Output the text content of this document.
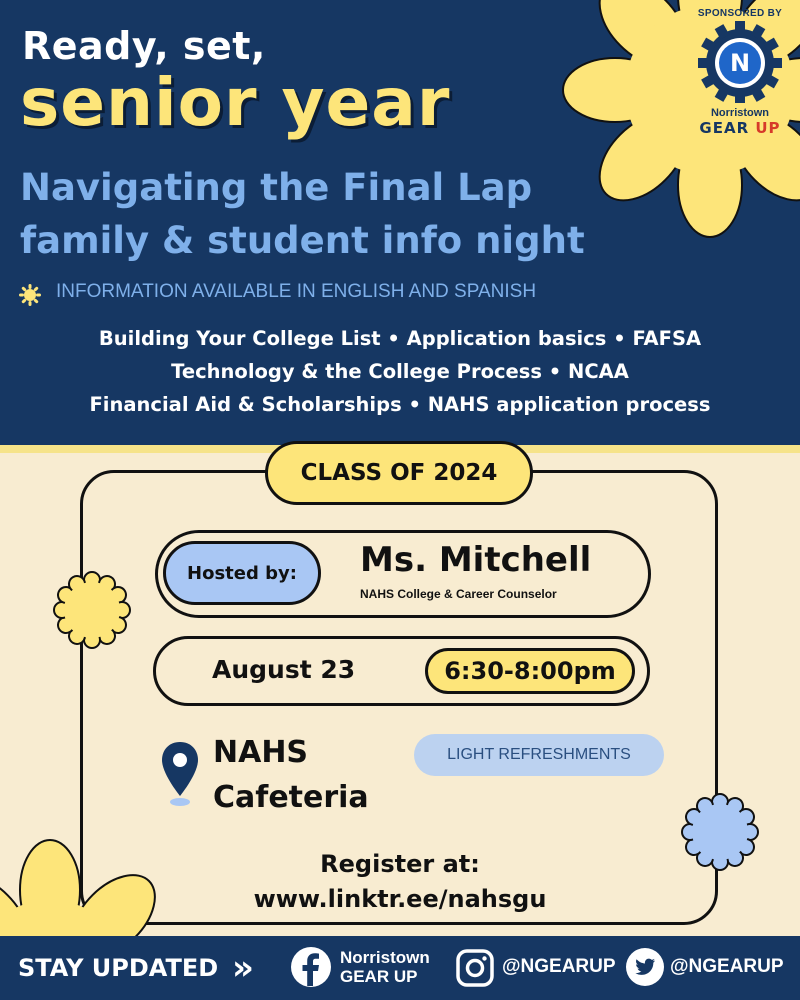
Ready, set,
senior year
Navigating the Final Lap
family & student info night
INFORMATION AVAILABLE IN ENGLISH AND SPANISH
Building Your College List • Application basics • FAFSA
Technology & the College Process • NCAA
Financial Aid & Scholarships • NAHS application process
SPONSORED BY
N
Norristown
GEAR UP
CLASS OF 2024
Hosted by:	Ms. Mitchell
NAHS College & Career Counselor
August 23	6:30-8:00pm
NAHS
Cafeteria
LIGHT REFRESHMENTS
Register at:
www.linktr.ee/nahsgu
STAY UPDATED »	Norristown
GEAR UP	@NGEARUP	@NGEARUP
